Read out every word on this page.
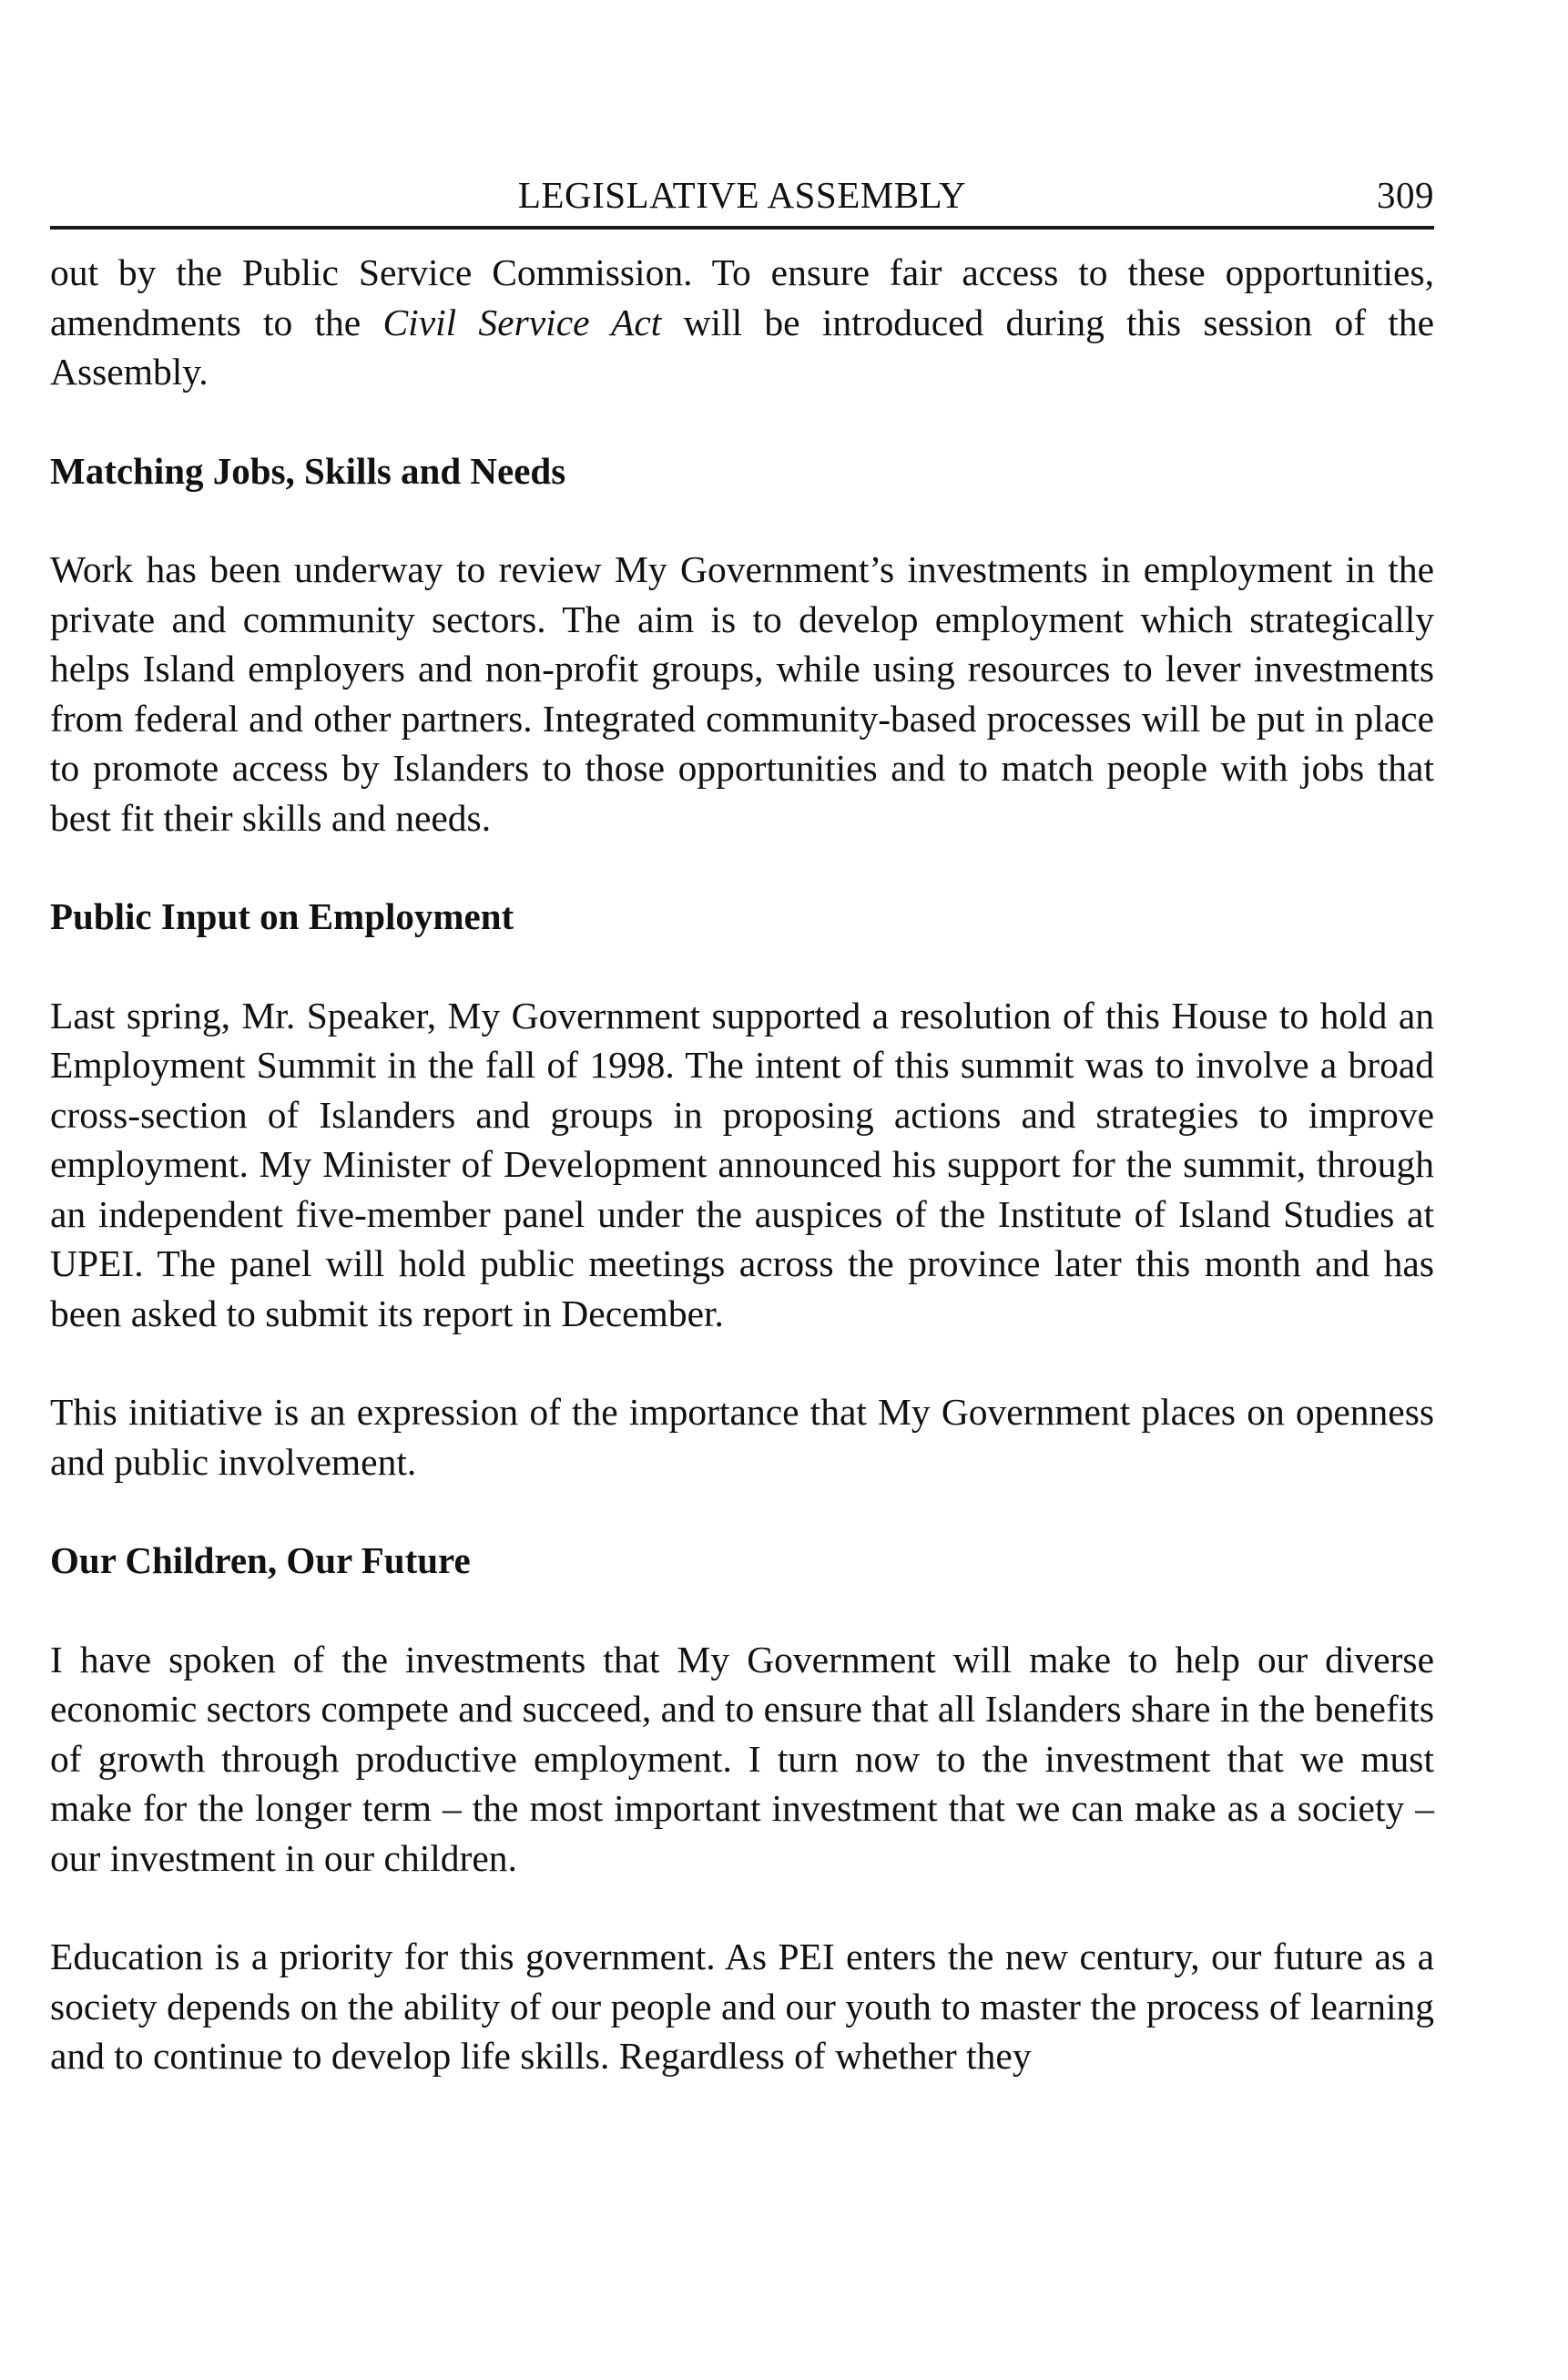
LEGISLATIVE ASSEMBLY	309

out by the Public Service Commission. To ensure fair access to these opportunities, amendments to the Civil Service Act will be introduced during this session of the Assembly.

Matching Jobs, Skills and Needs

Work has been underway to review My Government’s investments in employment in the private and community sectors. The aim is to develop employment which strategically helps Island employers and non-profit groups, while using resources to lever investments from federal and other partners. Integrated community-based processes will be put in place to promote access by Islanders to those opportunities and to match people with jobs that best fit their skills and needs.

Public Input on Employment

Last spring, Mr. Speaker, My Government supported a resolution of this House to hold an Employment Summit in the fall of 1998. The intent of this summit was to involve a broad cross-section of Islanders and groups in proposing actions and strategies to improve employment. My Minister of Development announced his support for the summit, through an independent five-member panel under the auspices of the Institute of Island Studies at UPEI. The panel will hold public meetings across the province later this month and has been asked to submit its report in December.

This initiative is an expression of the importance that My Government places on openness and public involvement.

Our Children, Our Future

I have spoken of the investments that My Government will make to help our diverse economic sectors compete and succeed, and to ensure that all Islanders share in the benefits of growth through productive employment. I turn now to the investment that we must make for the longer term – the most important investment that we can make as a society – our investment in our children.

Education is a priority for this government. As PEI enters the new century, our future as a society depends on the ability of our people and our youth to master the process of learning and to continue to develop life skills. Regardless of whether they
